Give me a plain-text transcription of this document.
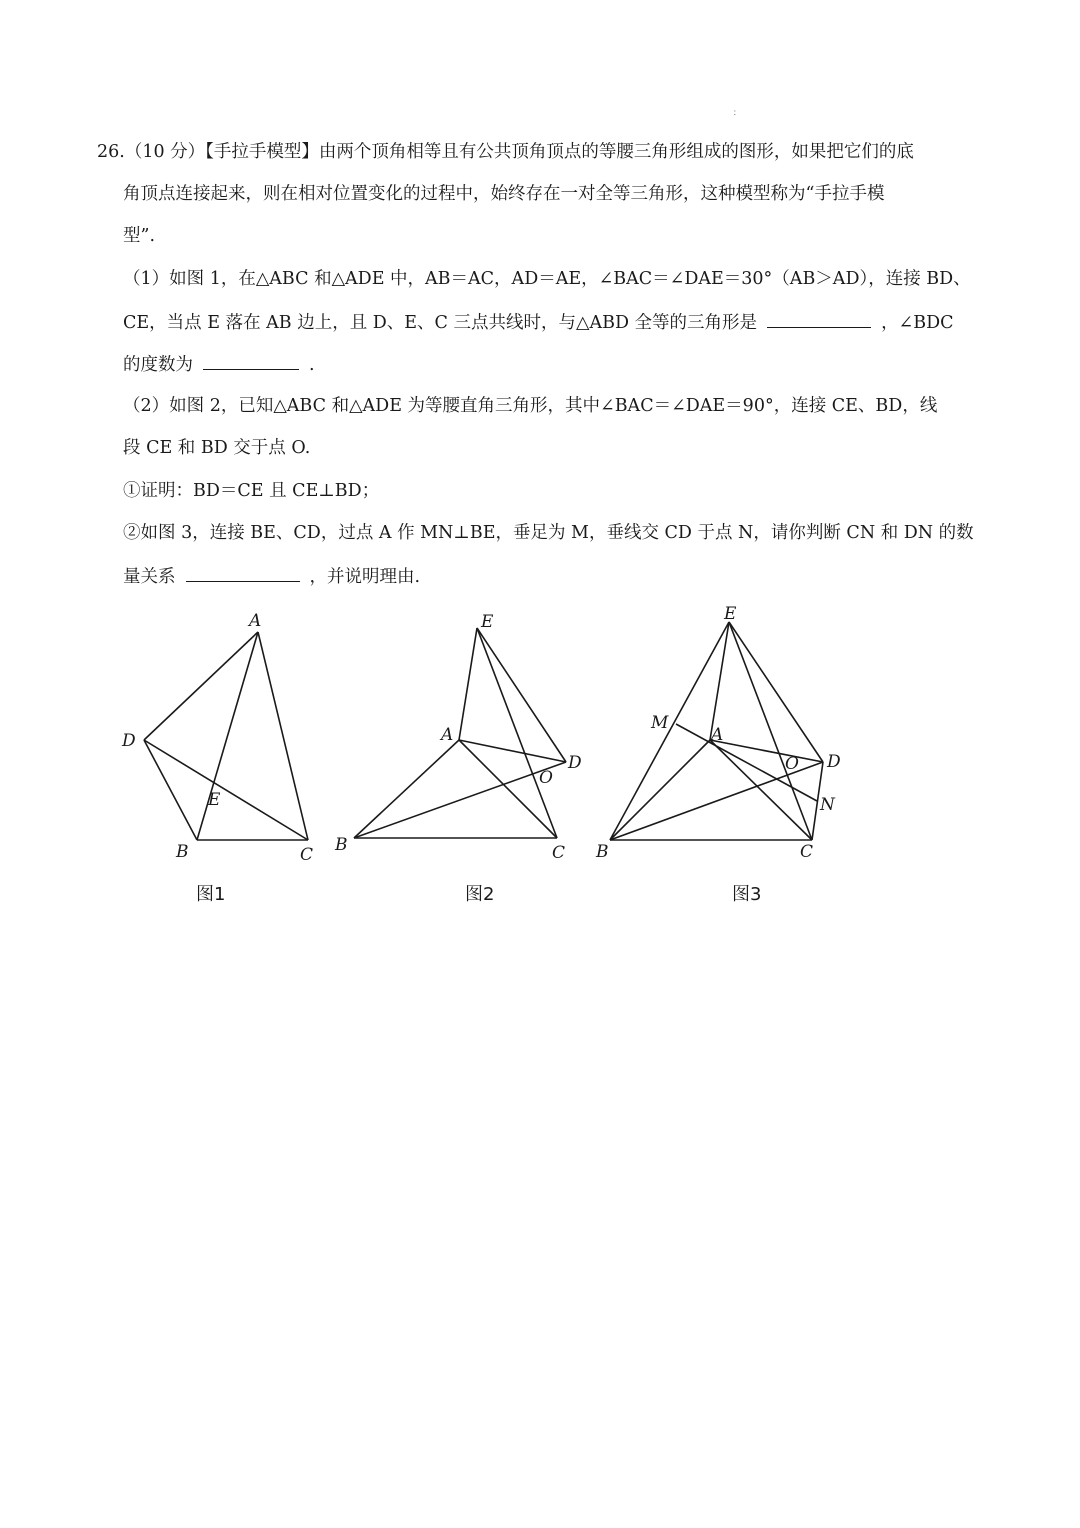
：
26.（10 分）【手拉手模型】由两个顶角相等且有公共顶角顶点的等腰三角形组成的图形，如果把它们的底
角顶点连接起来，则在相对位置变化的过程中，始终存在一对全等三角形，这种模型称为“手拉手模
型”.
（1）如图 1，在△ABC 和△ADE 中，AB＝AC，AD＝AE，∠BAC＝∠DAE＝30°（AB＞AD），连接 BD、
CE，当点 E 落在 AB 边上，且 D、E、C 三点共线时，与△ABD 全等的三角形是	，∠BDC
的度数为	.
（2）如图 2，已知△ABC 和△ADE 为等腰直角三角形，其中∠BAC＝∠DAE＝90°，连接 CE、BD，线
段 CE 和 BD 交于点 O.
①证明：BD＝CE 且 CE⊥BD；
②如图 3，连接 BE、CD，过点 A 作 MN⊥BE，垂足为 M，垂线交 CD 于点 N，请你判断 CN 和 DN 的数
量关系	，并说明理由.
A
D
E
B	C
E
A
D
O
B	C
E
M
A
O D
N
B	C
图1	图2	图3
